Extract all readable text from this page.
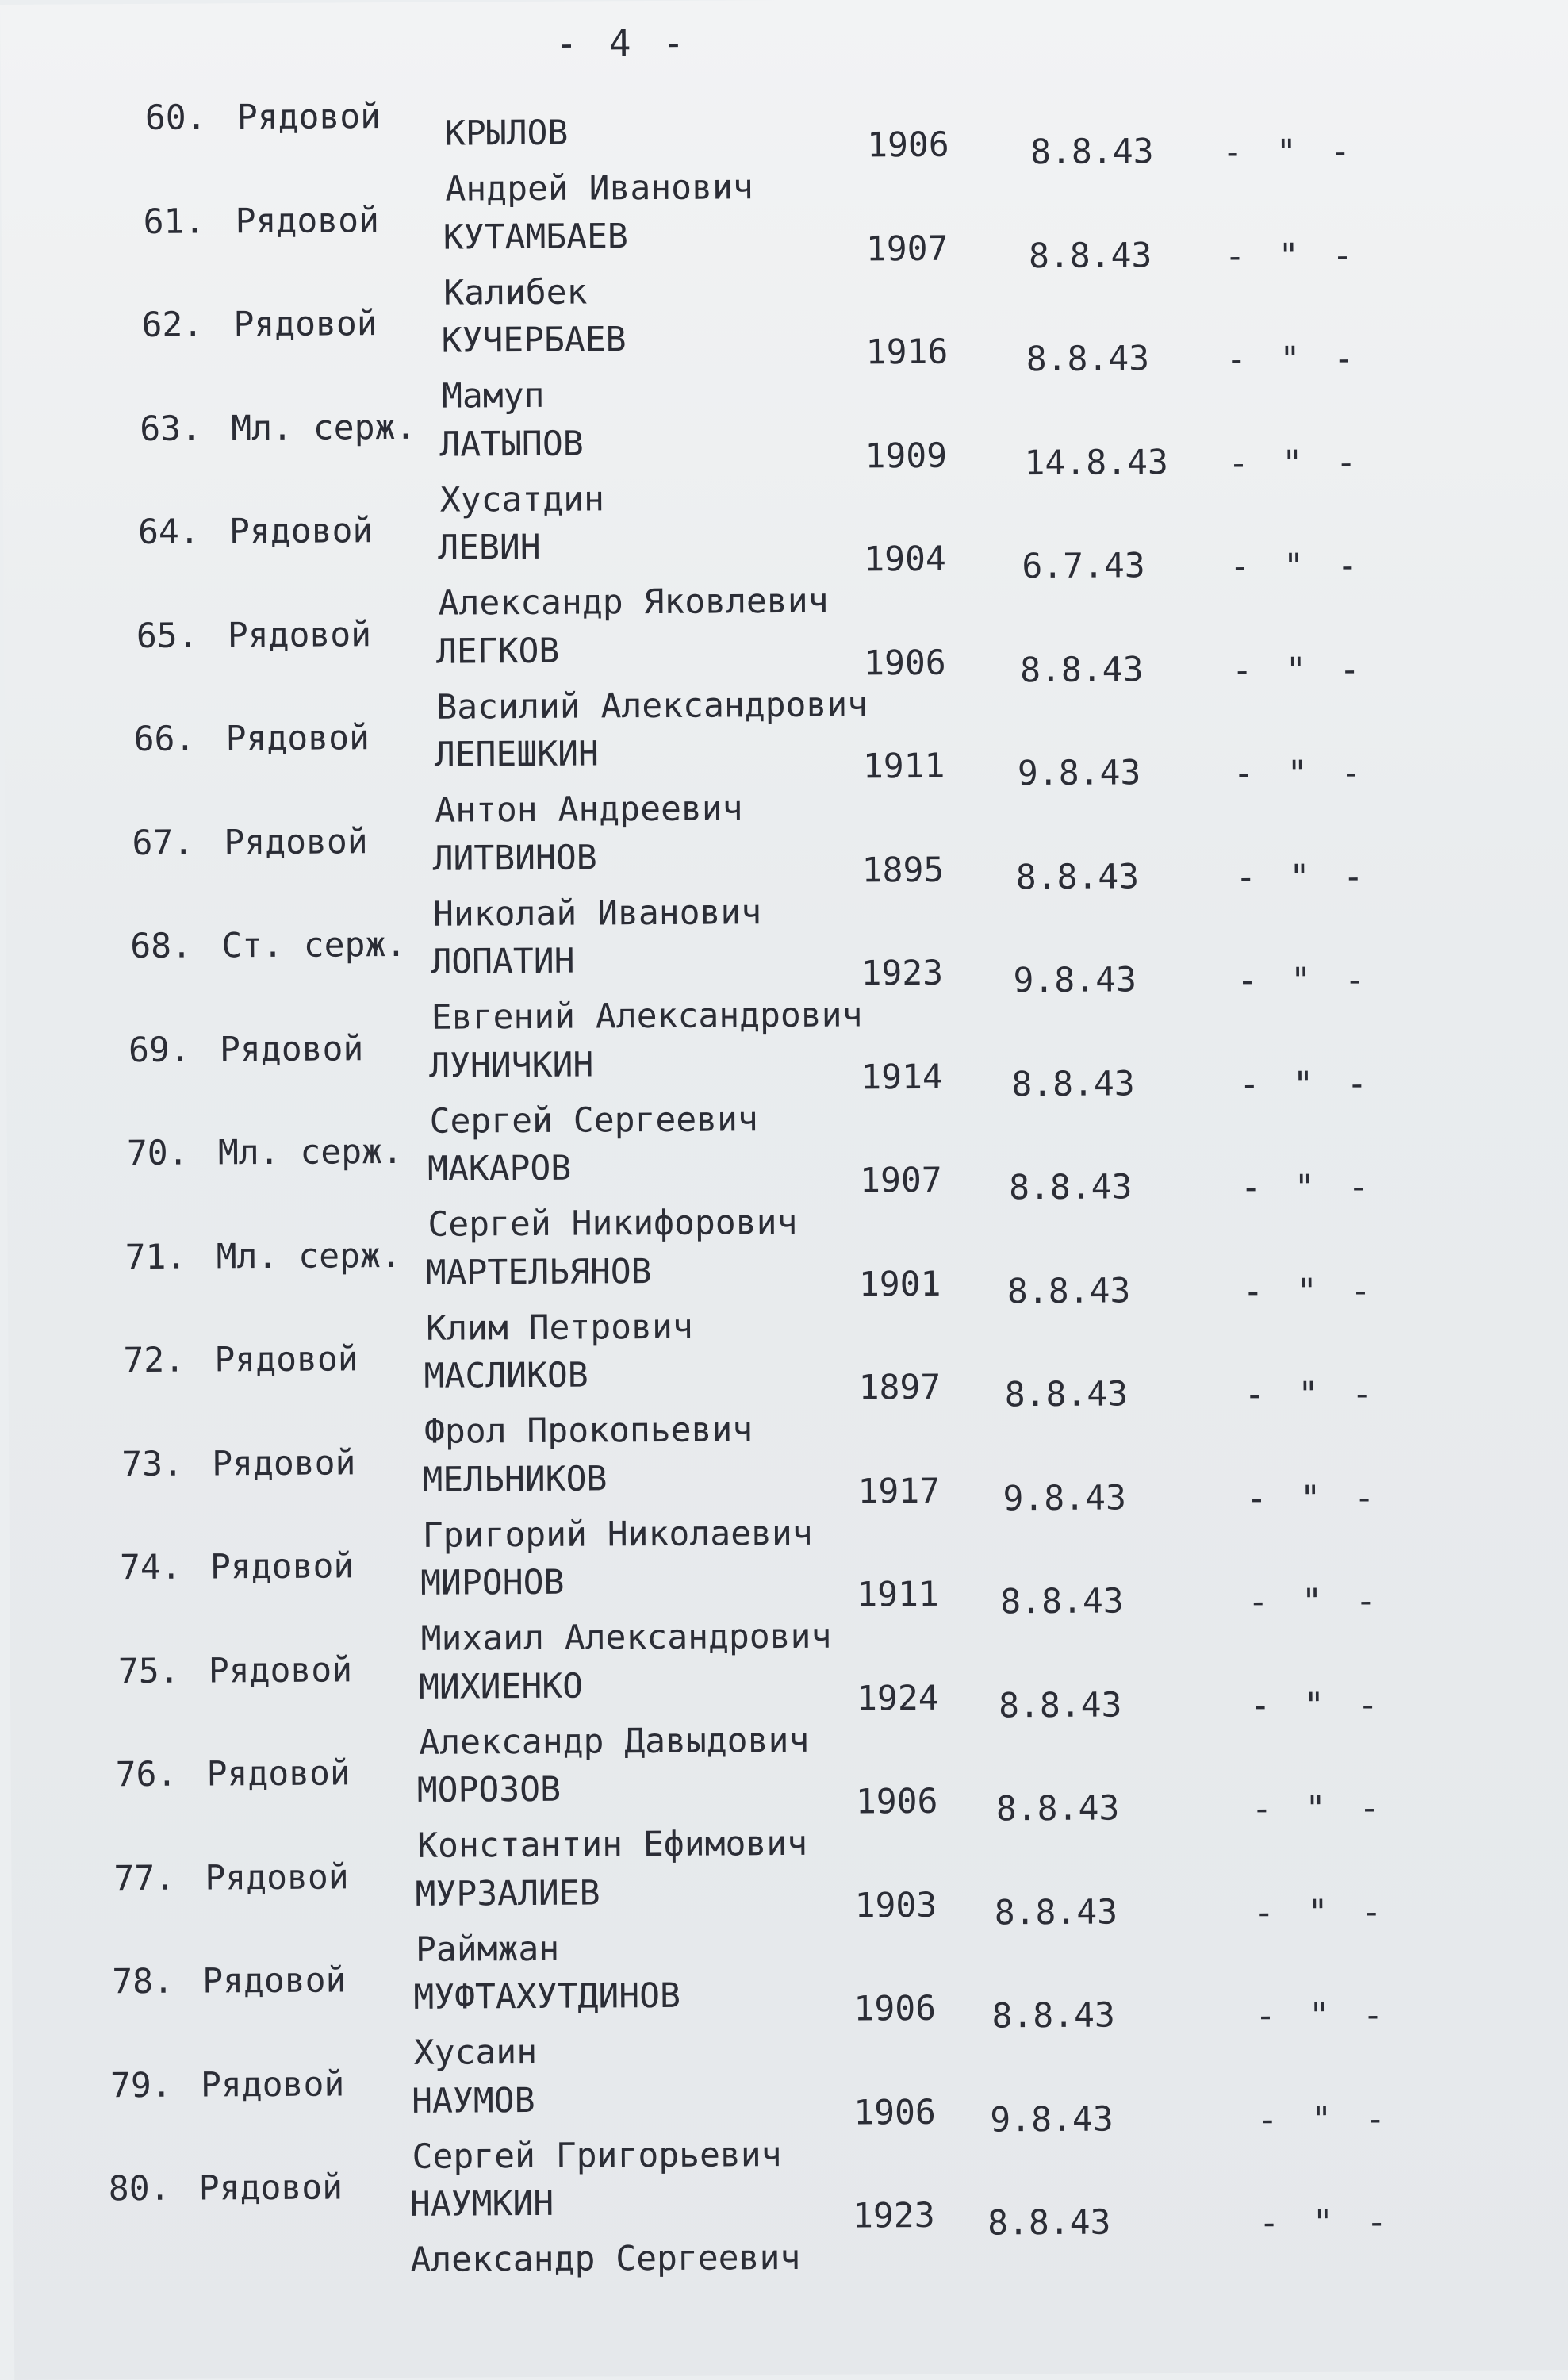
- 4 -
60. Рядовой КРЫЛОВ
Андрей Иванович
1906 8.8.43 - " -
61. Рядовой КУТАМБАЕВ
Калибек
1907 8.8.43 - " -
62. Рядовой КУЧЕРБАЕВ
Мамуп
1916 8.8.43 - " -
63. Мл. серж. ЛАТЫПОВ
Хусатдин
1909 14.8.43 - " -
64. Рядовой ЛЕВИН
Александр Яковлевич
1904 6.7.43 - " -
65. Рядовой ЛЕГКОВ
Василий Александрович
1906 8.8.43	- " -
66. Рядовой ЛЕПЕШКИН
Антон Андреевич
1911 9.8.43	- " -
67. Рядовой ЛИТВИНОВ
Николай Иванович
1895 8.8.43	- " -
68. Ст. серж. ЛОПАТИН
Евгений Александрович
1923 9.8.43	- " -
69. Рядовой ЛУНИЧКИН
Сергей Сергеевич
1914 8.8.43	- " -
70. Мл. серж. МАКАРОВ
Сергей Никифорович
1907 8.8.43	- " -
71. Мл. серж. МАРТЕЛЬЯНОВ
Клим Петрович
1901 8.8.43	- " -
72. Рядовой МАСЛИКОВ
Фрол Прокопьевич
1897 8.8.43	- " -
73. Рядовой МЕЛЬНИКОВ
Григорий Николаевич
1917 9.8.43	- " -
74. Рядовой МИРОНОВ
Михаил Александрович
1911 8.8.43	- " -
75. Рядовой МИХИЕНКО
Александр Давыдович
1924 8.8.43	- " -
76. Рядовой МОРОЗОВ
Константин Ефимович
1906 8.8.43	- " -
77. Рядовой МУРЗАЛИЕВ
Раймжан
1903 8.8.43	- " -
78. Рядовой МУФТАХУТДИНОВ
Хусаин
1906 8.8.43	- " -
79. Рядовой НАУМОВ
Сергей Григорьевич
1906 9.8.43	- " -
80. Рядовой НАУМКИН
Александр Сергеевич
1923 8.8.43	- " -
